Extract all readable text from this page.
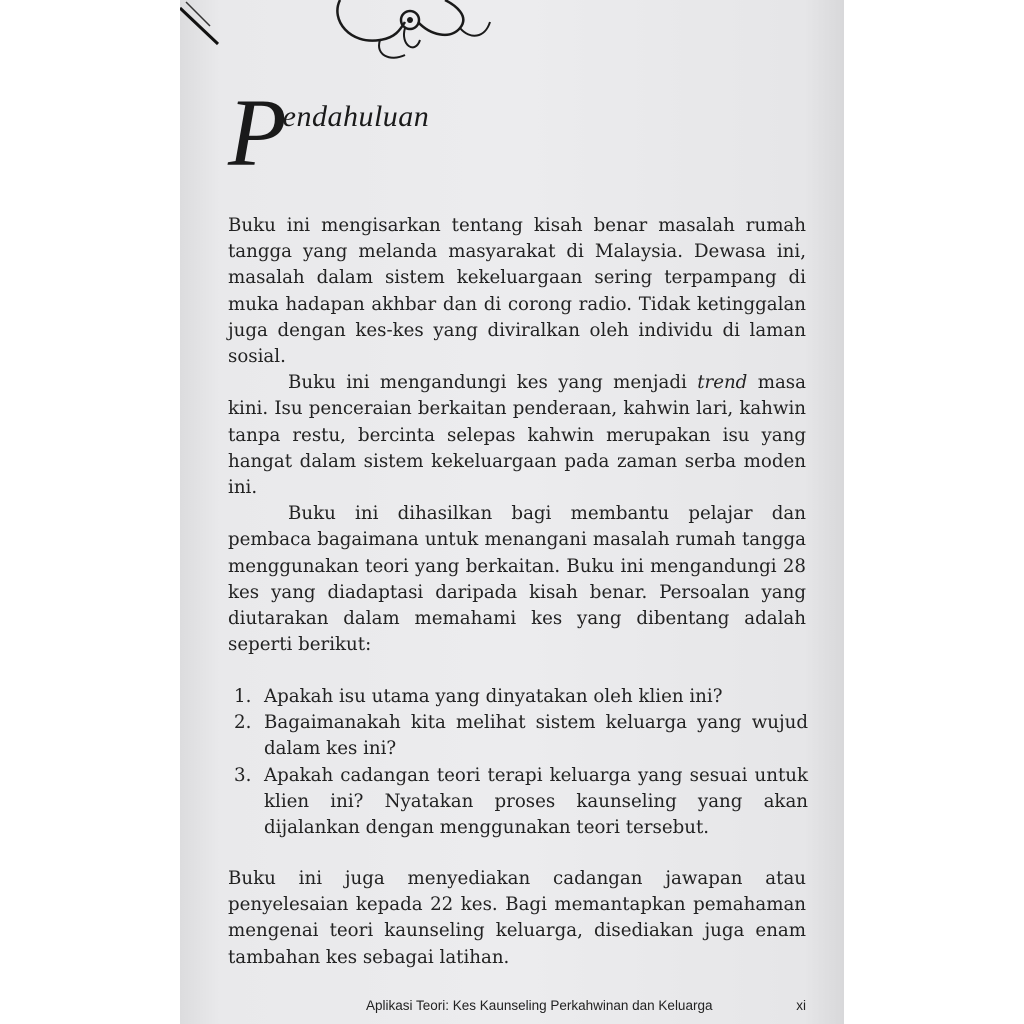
P
endahuluan

Buku ini mengisarkan tentang kisah benar masalah rumah tangga yang melanda masyarakat di Malaysia. Dewasa ini, masalah dalam sistem kekeluargaan sering terpampang di muka hadapan akhbar dan di corong radio. Tidak ketinggalan juga dengan kes-kes yang diviralkan oleh individu di laman sosial.

Buku ini mengandungi kes yang menjadi trend masa kini. Isu penceraian berkaitan penderaan, kahwin lari, kahwin tanpa restu, bercinta selepas kahwin merupakan isu yang hangat dalam sistem kekeluargaan pada zaman serba moden ini.

Buku ini dihasilkan bagi membantu pelajar dan pembaca bagaimana untuk menangani masalah rumah tangga menggunakan teori yang berkaitan. Buku ini mengandungi 28 kes yang diadaptasi daripada kisah benar. Persoalan yang diutarakan dalam memahami kes yang dibentang adalah seperti berikut:

1. Apakah isu utama yang dinyatakan oleh klien ini?
2. Bagaimanakah kita melihat sistem keluarga yang wujud dalam kes ini?
3. Apakah cadangan teori terapi keluarga yang sesuai untuk klien ini? Nyatakan proses kaunseling yang akan dijalankan dengan menggunakan teori tersebut.

Buku ini juga menyediakan cadangan jawapan atau penyelesaian kepada 22 kes. Bagi memantapkan pemahaman mengenai teori kaunseling keluarga, disediakan juga enam tambahan kes sebagai latihan.

Aplikasi Teori: Kes Kaunseling Perkahwinan dan Keluarga	xi
